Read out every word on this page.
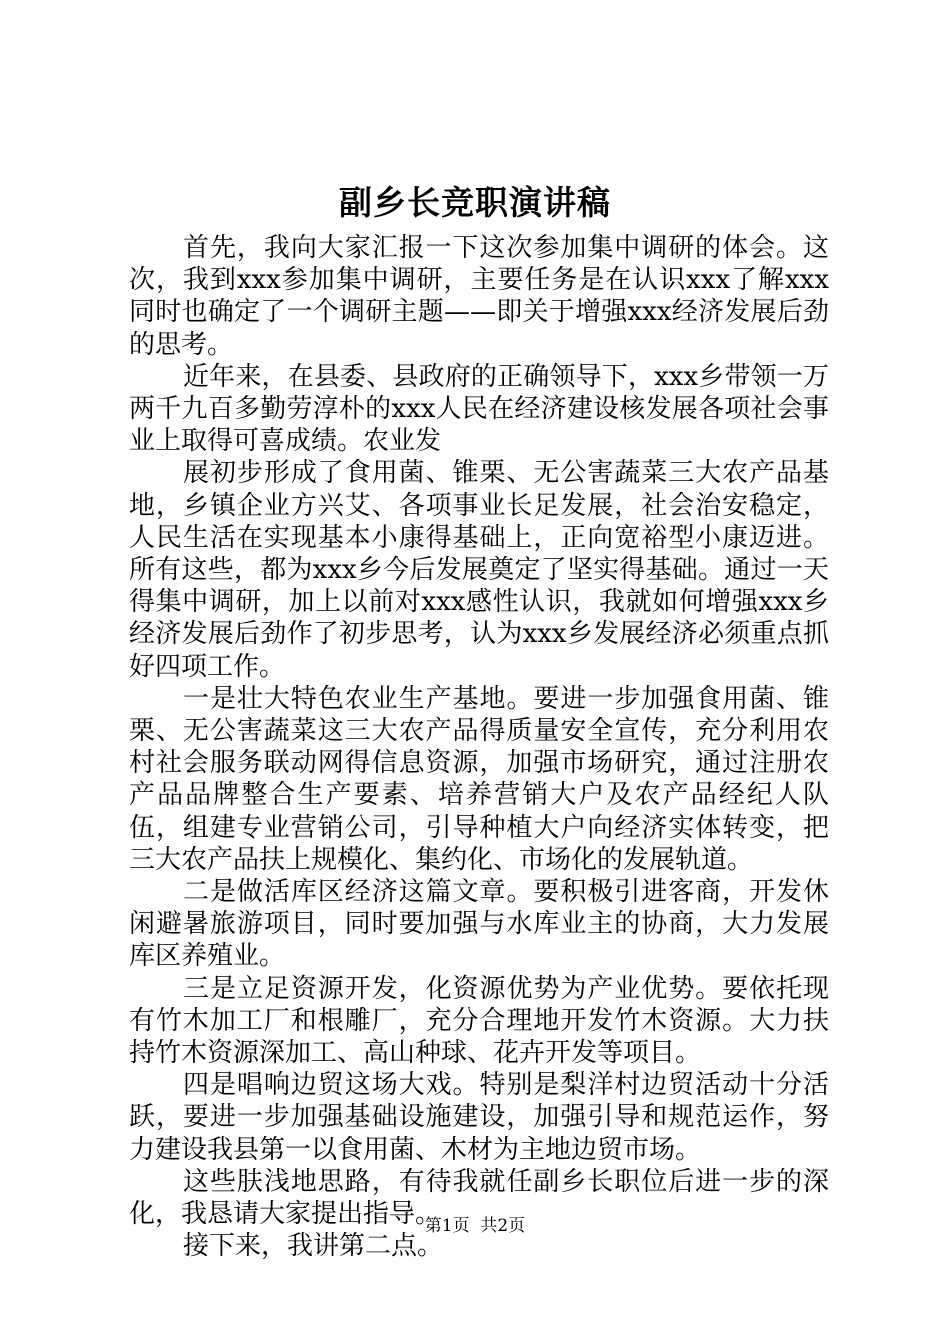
副乡长竞职演讲稿

首先，我向大家汇报一下这次参加集中调研的体会。这次，我到xxx参加集中调研，主要任务是在认识xxx了解xxx同时也确定了一个调研主题——即关于增强xxx经济发展后劲的思考。

近年来，在县委、县政府的正确领导下，xxx乡带领一万两千九百多勤劳淳朴的xxx人民在经济建设核发展各项社会事业上取得可喜成绩。农业发

展初步形成了食用菌、锥栗、无公害蔬菜三大农产品基地，乡镇企业方兴艾、各项事业长足发展，社会治安稳定，人民生活在实现基本小康得基础上，正向宽裕型小康迈进。所有这些，都为xxx乡今后发展奠定了坚实得基础。通过一天得集中调研，加上以前对xxx感性认识，我就如何增强xxx乡经济发展后劲作了初步思考，认为xxx乡发展经济必须重点抓好四项工作。

一是壮大特色农业生产基地。要进一步加强食用菌、锥栗、无公害蔬菜这三大农产品得质量安全宣传，充分利用农村社会服务联动网得信息资源，加强市场研究，通过注册农产品品牌整合生产要素、培养营销大户及农产品经纪人队伍，组建专业营销公司，引导种植大户向经济实体转变，把三大农产品扶上规模化、集约化、市场化的发展轨道。

二是做活库区经济这篇文章。要积极引进客商，开发休闲避暑旅游项目，同时要加强与水库业主的协商，大力发展库区养殖业。

三是立足资源开发，化资源优势为产业优势。要依托现有竹木加工厂和根雕厂，充分合理地开发竹木资源。大力扶持竹木资源深加工、高山种球、花卉开发等项目。

四是唱响边贸这场大戏。特别是梨洋村边贸活动十分活跃，要进一步加强基础设施建设，加强引导和规范运作，努力建设我县第一以食用菌、木材为主地边贸市场。

这些肤浅地思路，有待我就任副乡长职位后进一步的深化，我恳请大家提出指导。

接下来，我讲第二点。

第1页  共2页
